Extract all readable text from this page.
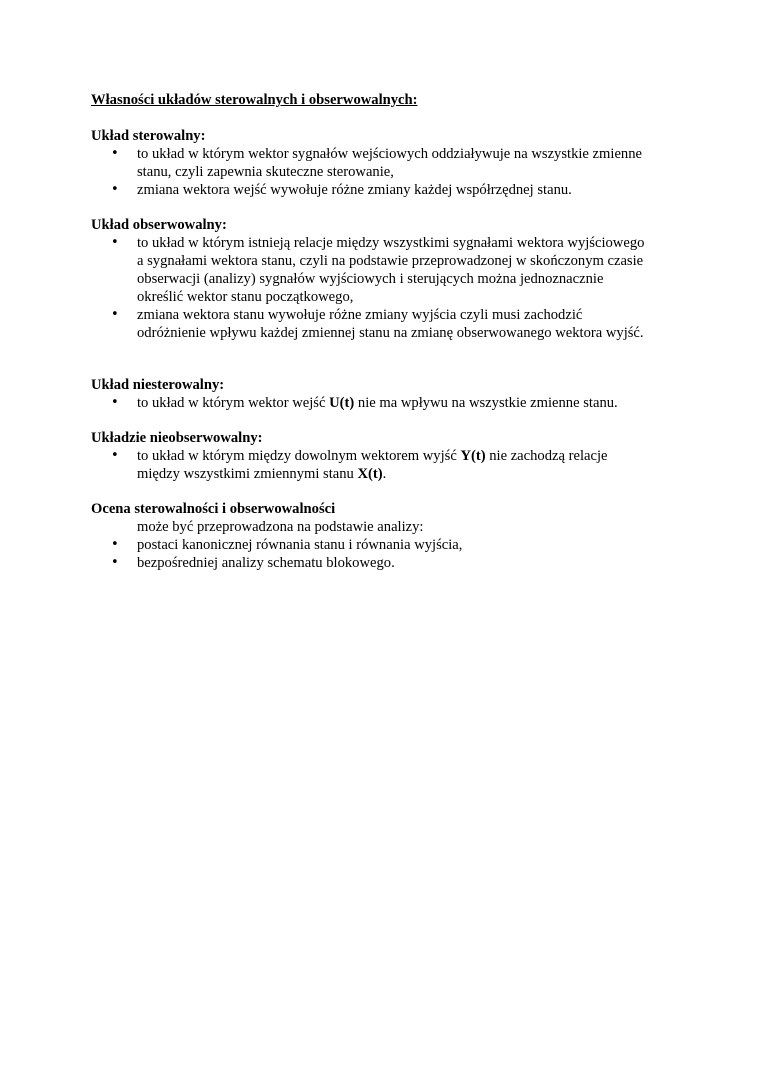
Własności układów sterowalnych i obserwowalnych:
Układ sterowalny:
• to układ w którym wektor sygnałów wejściowych oddziaływuje na wszystkie zmienne
stanu, czyli zapewnia skuteczne sterowanie,
• zmiana wektora wejść wywołuje różne zmiany każdej współrzędnej stanu.
Układ obserwowalny:
• to układ w którym istnieją relacje między wszystkimi sygnałami wektora wyjściowego
a sygnałami wektora stanu, czyli na podstawie przeprowadzonej w skończonym czasie
obserwacji (analizy) sygnałów wyjściowych i sterujących można jednoznacznie
określić wektor stanu początkowego,
• zmiana wektora stanu wywołuje różne zmiany wyjścia czyli musi zachodzić
odróżnienie wpływu każdej zmiennej stanu na zmianę obserwowanego wektora wyjść.
Układ niesterowalny:
• to układ w którym wektor wejść U(t) nie ma wpływu na wszystkie zmienne stanu.
Układzie nieobserwowalny:
• to układ w którym między dowolnym wektorem wyjść Y(t) nie zachodzą relacje
między wszystkimi zmiennymi stanu X(t).
Ocena sterowalności i obserwowalności
może być przeprowadzona na podstawie analizy:
• postaci kanonicznej równania stanu i równania wyjścia,
• bezpośredniej analizy schematu blokowego.
